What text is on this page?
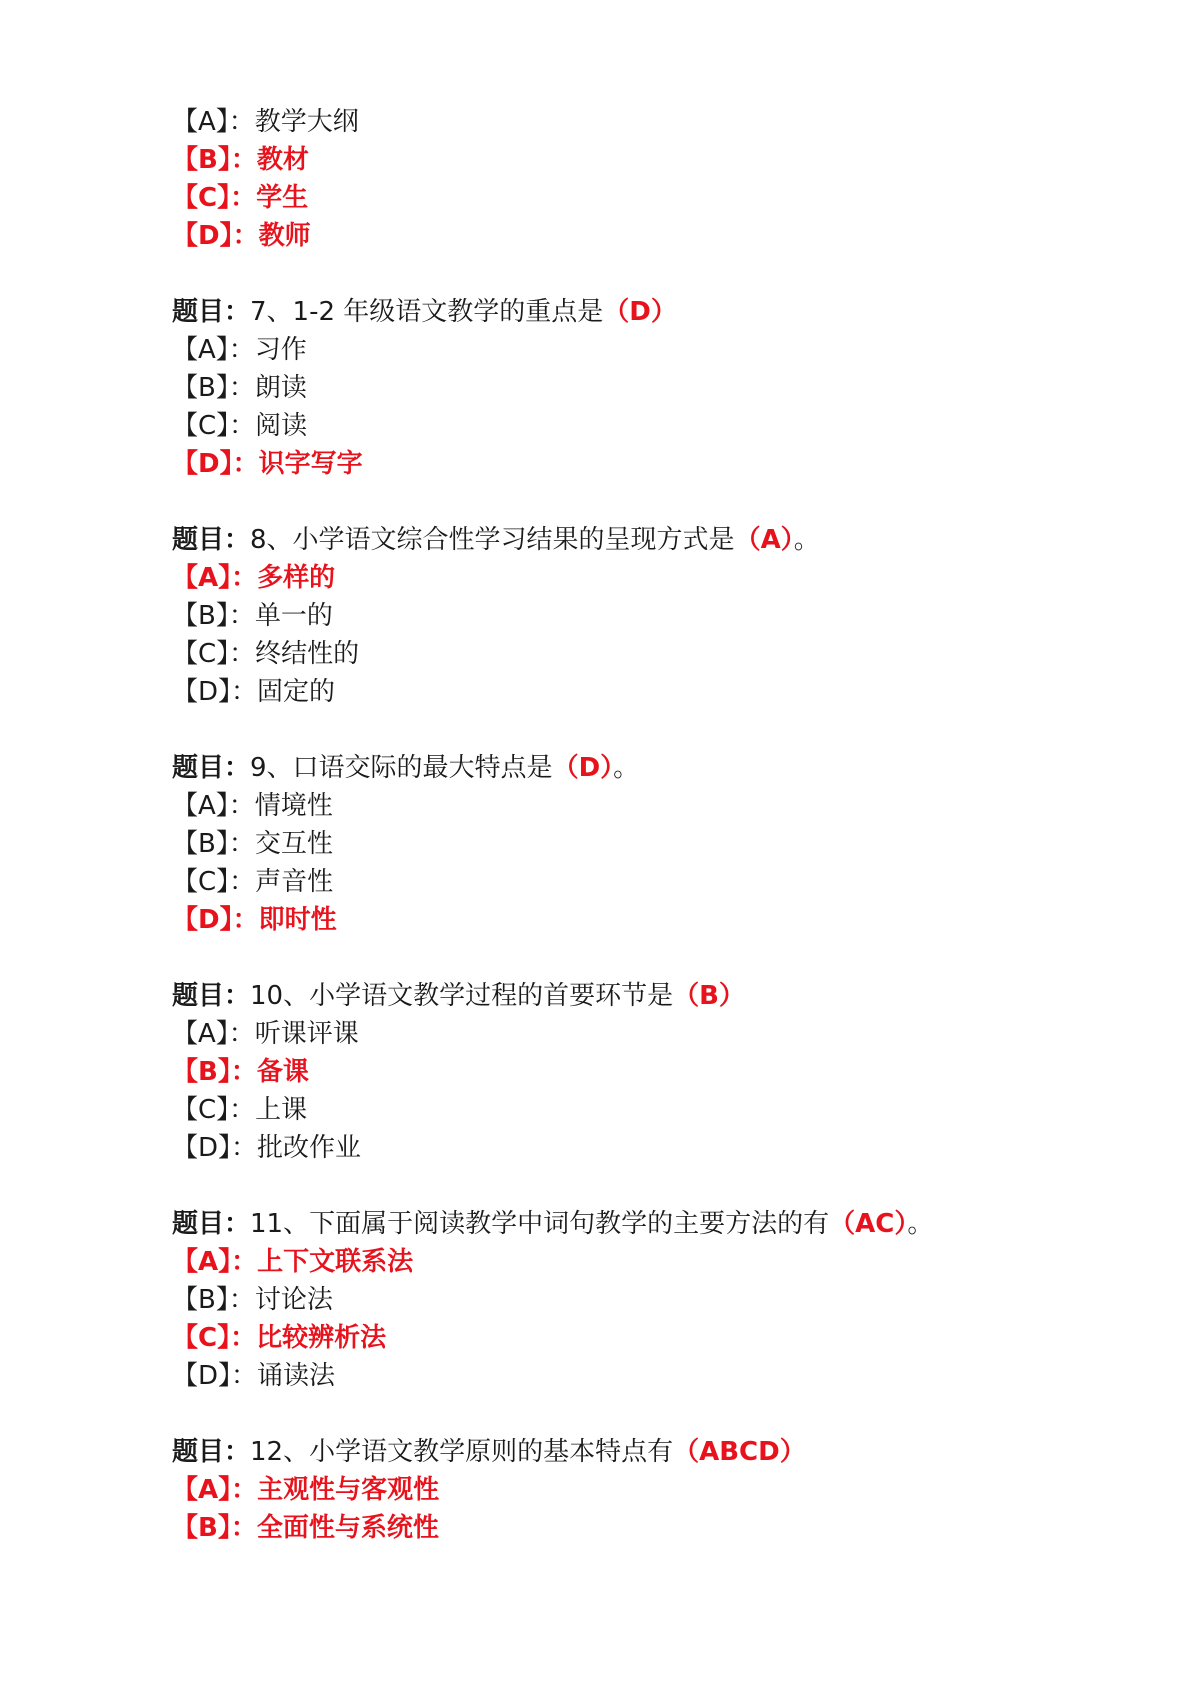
【A】：教学大纲
【B】：教材
【C】：学生
【D】：教师
题目：7、1-2 年级语文教学的重点是（D）
【A】：习作
【B】：朗读
【C】：阅读
【D】：识字写字
题目：8、小学语文综合性学习结果的呈现方式是（A）。
【A】：多样的
【B】：单一的
【C】：终结性的
【D】：固定的
题目：9、口语交际的最大特点是（D）。
【A】：情境性
【B】：交互性
【C】：声音性
【D】：即时性
题目：10、小学语文教学过程的首要环节是（B）
【A】：听课评课
【B】：备课
【C】：上课
【D】：批改作业
题目：11、下面属于阅读教学中词句教学的主要方法的有（AC）。
【A】：上下文联系法
【B】：讨论法
【C】：比较辨析法
【D】：诵读法
题目：12、小学语文教学原则的基本特点有（ABCD）
【A】：主观性与客观性
【B】：全面性与系统性
